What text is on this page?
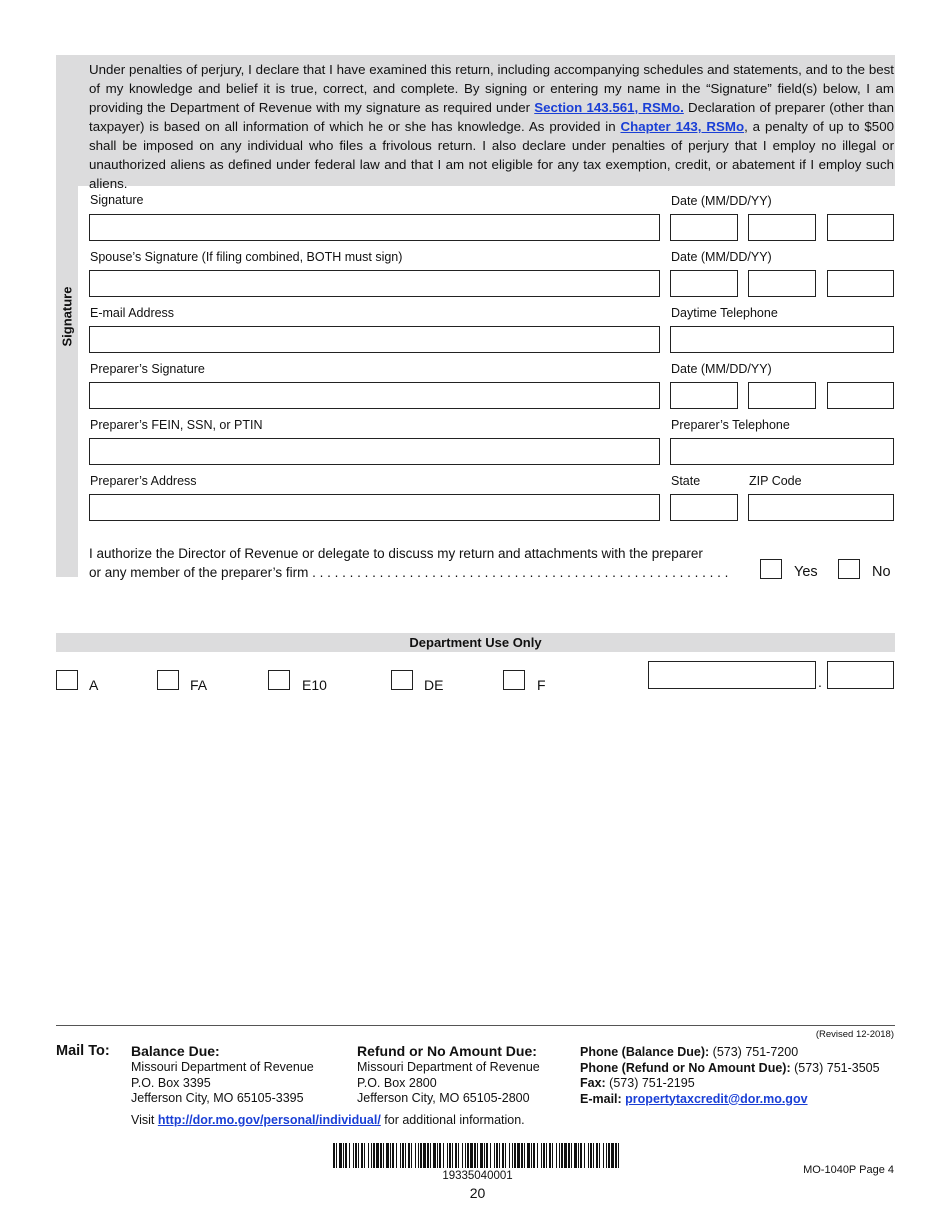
Signature
Under penalties of perjury, I declare that I have examined this return, including accompanying schedules and statements, and to the best of my knowledge and belief it is true, correct, and complete. By signing or entering my name in the “Signature” field(s) below, I am providing the Department of Revenue with my signature as required under Section 143.561, RSMo. Declaration of preparer (other than taxpayer) is based on all information of which he or she has knowledge. As provided in Chapter 143, RSMo, a penalty of up to $500 shall be imposed on any individual who files a frivolous return. I also declare under penalties of perjury that I employ no illegal or unauthorized aliens as defined under federal law and that I am not eligible for any tax exemption, credit, or abatement if I employ such aliens.
Signature	Date (MM/DD/YY)
Spouse’s Signature (If filing combined, BOTH must sign)	Date (MM/DD/YY)
E-mail Address	Daytime Telephone
Preparer’s Signature	Date (MM/DD/YY)
Preparer’s FEIN, SSN, or PTIN	Preparer’s Telephone
Preparer’s Address	State	ZIP Code
I authorize the Director of Revenue or delegate to discuss my return and attachments with the preparer
or any member of the preparer’s firm . . . . . . . . . . . . . . . . . . . . . . . . . . . . . . . . . . . . . . . . . . . . . . . . . . . . . . . .	Yes	No
Department Use Only
A	FA	E10	DE	F	.
(Revised 12-2018)
Mail To: Balance Due:
Missouri Department of Revenue
P.O. Box 3395
Jefferson City, MO 65105-3395
Refund or No Amount Due:
Missouri Department of Revenue
P.O. Box 2800
Jefferson City, MO 65105-2800
Phone (Balance Due): (573) 751-7200
Phone (Refund or No Amount Due): (573) 751-3505
Fax: (573) 751-2195
E-mail: propertytaxcredit@dor.mo.gov
Visit http://dor.mo.gov/personal/individual/ for additional information.
19335040001
20
MO-1040P Page 4
